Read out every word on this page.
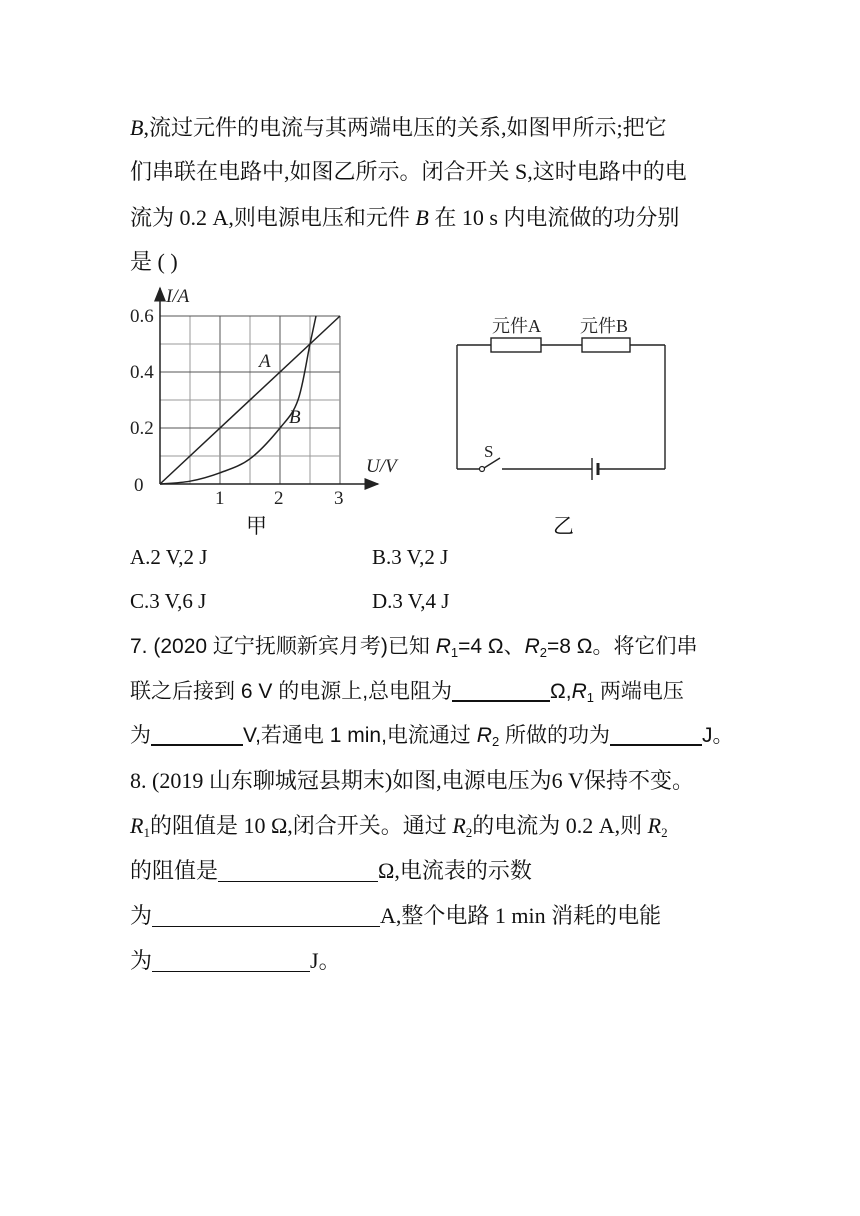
B,流过元件的电流与其两端电压的关系,如图甲所示;把它
们串联在电路中,如图乙所示。闭合开关 S,这时电路中的电
流为 0.2 A,则电源电压和元件 B 在 10 s 内电流做的功分别
是 ( )
I/A
U/V
0
0.2
0.4
0.6
1	2	3
A
B
甲
元件A 元件B
S
乙
A.2 V,2 J	B.3 V,2 J
C.3 V,6 J	D.3 V,4 J
7. (2020 辽宁抚顺新宾月考)已知 $R_1=4$ Ω、$R_2=8$ Ω。将它们串
联之后接到 6 V 的电源上,总电阻为	$\Omega,R_1$ 两端电压
为	V,若通电 1 min,电流通过 $R_2$ 所做的功为	J。
8. (2019 山东聊城冠县期末)如图,电源电压为6 V保持不变。
$R_1$的阻值是 10 Ω,闭合开关。通过 $R_2$的电流为 0.2 A,则 $R_2$
的阻值是	Ω,电流表的示数
为	A,整个电路 1 min 消耗的电能
为	J。
